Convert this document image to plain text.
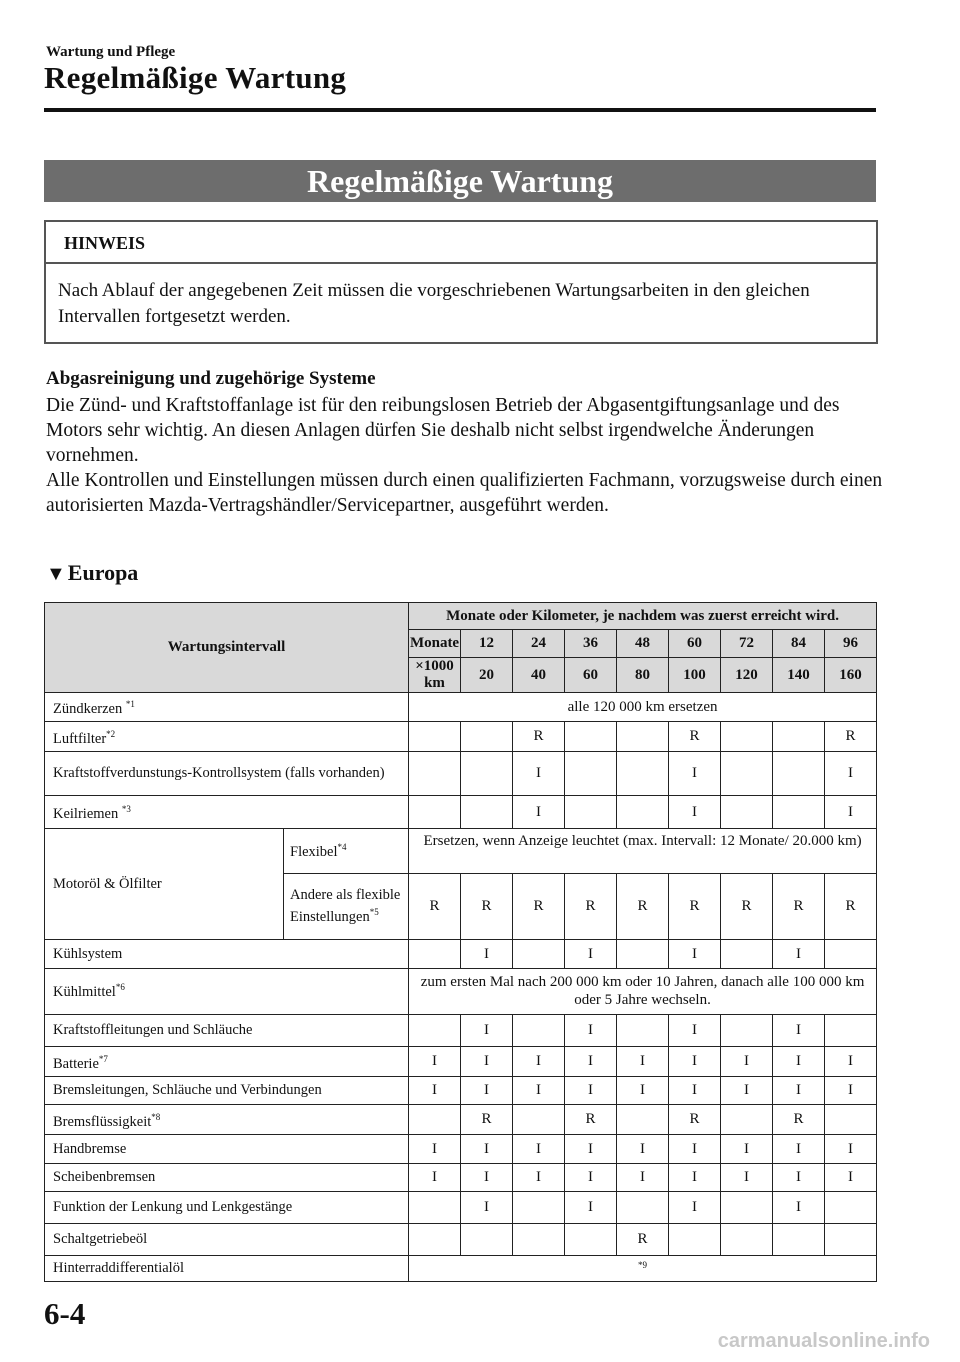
Wartung und Pflege
Regelmäßige Wartung
Regelmäßige Wartung
HINWEIS
Nach Ablauf der angegebenen Zeit müssen die vorgeschriebenen Wartungsarbeiten in den gleichen Intervallen fortgesetzt werden.
Abgasreinigung und zugehörige Systeme
Die Zünd- und Kraftstoffanlage ist für den reibungslosen Betrieb der Abgasentgiftungsanlage und des Motors sehr wichtig. An diesen Anlagen dürfen Sie deshalb nicht selbst irgendwelche Änderungen vornehmen.
Alle Kontrollen und Einstellungen müssen durch einen qualifizierten Fachmann, vorzugsweise durch einen autorisierten Mazda-Vertragshändler/Servicepartner, ausgeführt werden.
▼Europa
Wartungsintervall		Monate oder Kilometer, je nachdem was zuerst erreicht wird.								
		Monate	12	24	36	48	60	72	84	96
		×1000 km	20	40	60	80	100	120	140	160
Zündkerzen $^{*1}$		alle 120 000 km ersetzen								
Luftfilter$^{*2}$				R			R			R
Kraftstoffverdunstungs-Kontrollsystem (falls vorhanden)				I			I			I
Keilriemen $^{*3}$				I			I			I
Motoröl & Ölfilter	Flexibel$^{*4}$	Ersetzen, wenn Anzeige leuchtet (max. Intervall: 12 Monate/ 20.000 km)								
	Andere als flexible Einstellungen$^{*5}$	R	R	R	R	R	R	R	R	R
Kühlsystem			I		I		I		I	
Kühlmittel$^{*6}$		zum ersten Mal nach 200 000 km oder 10 Jahren, danach alle 100 000 km oder 5 Jahre wechseln.								
Kraftstoffleitungen und Schläuche			I		I		I		I	
Batterie$^{*7}$		I	I	I	I	I	I	I	I	I
Bremsleitungen, Schläuche und Verbindungen		I	I	I	I	I	I	I	I	I
Bremsflüssigkeit$^{*8}$			R		R		R		R	
Handbremse		I	I	I	I	I	I	I	I	I
Scheibenbremsen		I	I	I	I	I	I	I	I	I
Funktion der Lenkung und Lenkgestänge			I		I		I		I	
Schaltgetriebeöl						R				
Hinterraddifferentialöl		$^{*9}$
6-4
carmanualsonline.info
